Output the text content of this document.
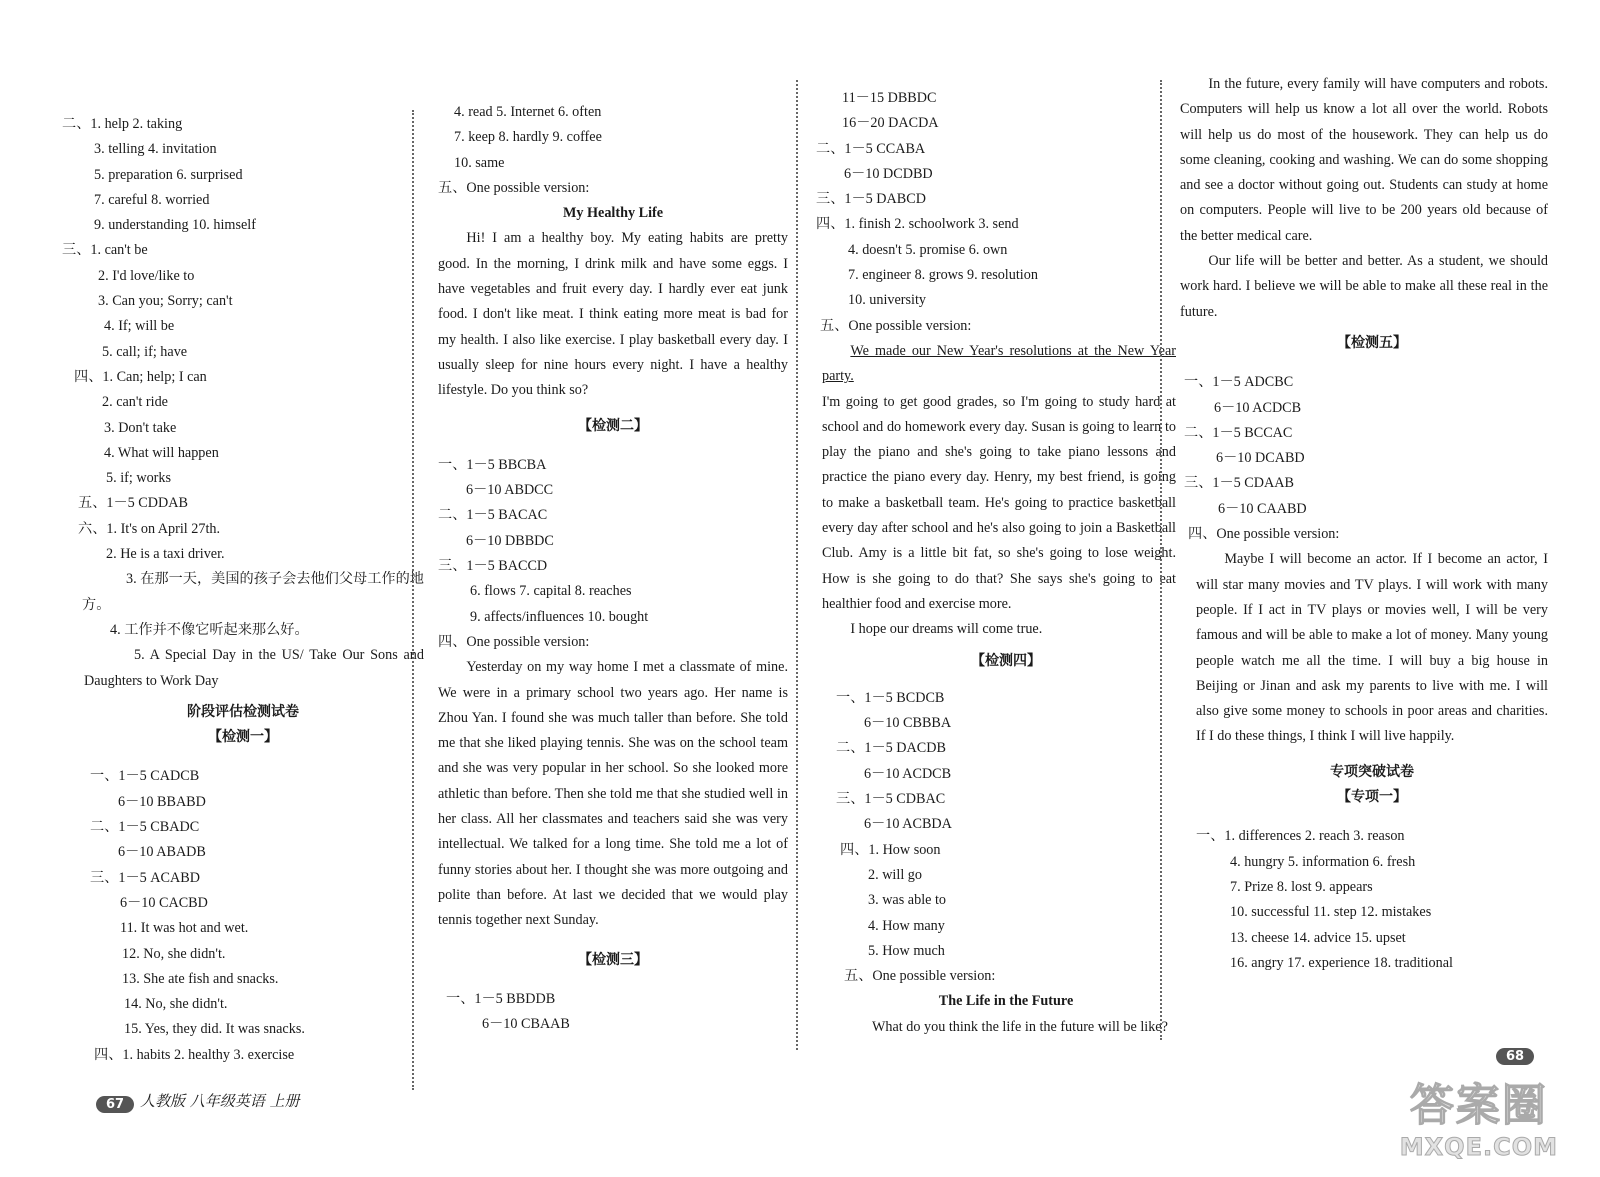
二、1. help 2. taking
3. telling 4. invitation
5. preparation 6. surprised
7. careful 8. worried
9. understanding 10. himself
三、1. can't be
2. I'd love/like to
3. Can you; Sorry; can't
4. If; will be
5. call; if; have
四、1. Can; help; I can
2. can't ride
3. Don't take
4. What will happen
5. if; works
五、1－5 CDDAB
六、1. It's on April 27th.
2. He is a taxi driver.
3. 在那一天，美国的孩子会去他们父母工作的地方。
4. 工作并不像它听起来那么好。
5. A Special Day in the US/ Take Our Sons and Daughters to Work Day
阶段评估检测试卷
【检测一】
一、1－5 CADCB
6－10 BBABD
二、1－5 CBADC
6－10 ABADB
三、1－5 ACABD
6－10 CACBD
11. It was hot and wet.
12. No, she didn't.
13. She ate fish and snacks.
14. No, she didn't.
15. Yes, they did. It was snacks.
四、1. habits 2. healthy 3. exercise
4. read 5. Internet 6. often
7. keep 8. hardly 9. coffee
10. same
五、One possible version:
My Healthy Life
Hi! I am a healthy boy. My eating habits are pretty good. In the morning, I drink milk and have some eggs. I have vegetables and fruit every day. I hardly ever eat junk food. I don't like meat. I think eating more meat is bad for my health. I also like exercise. I play basketball every day. I usually sleep for nine hours every night. I have a healthy lifestyle. Do you think so?
【检测二】
一、1－5 BBCBA
6－10 ABDCC
二、1－5 BACAC
6－10 DBBDC
三、1－5 BACCD
6. flows 7. capital 8. reaches
9. affects/influences 10. bought
四、One possible version:
Yesterday on my way home I met a classmate of mine. We were in a primary school two years ago. Her name is Zhou Yan. I found she was much taller than before. She told me that she liked playing tennis. She was on the school team and she was very popular in her school. So she looked more athletic than before. Then she told me that she studied well in her class. All her classmates and teachers said she was very intellectual. We talked for a long time. She told me a lot of funny stories about her. I thought she was more outgoing and polite than before. At last we decided that we would play tennis together next Sunday.
【检测三】
一、1－5 BBDDB
6－10 CBAAB
11－15 DBBDC
16－20 DACDA
二、1－5 CCABA
6－10 DCDBD
三、1－5 DABCD
四、1. finish 2. schoolwork 3. send
4. doesn't 5. promise 6. own
7. engineer 8. grows 9. resolution
10. university
五、One possible version:
We made our New Year's resolutions at the New Year party.
I'm going to get good grades, so I'm going to study hard at school and do homework every day. Susan is going to learn to play the piano and she's going to take piano lessons and practice the piano every day. Henry, my best friend, is going to make a basketball team. He's going to practice basketball every day after school and he's also going to join a Basketball Club. Amy is a little bit fat, so she's going to lose weight. How is she going to do that? She says she's going to eat healthier food and exercise more.
I hope our dreams will come true.
【检测四】
一、1－5 BCDCB
6－10 CBBBA
二、1－5 DACDB
6－10 ACDCB
三、1－5 CDBAC
6－10 ACBDA
四、1. How soon
2. will go
3. was able to
4. How many
5. How much
五、One possible version:
The Life in the Future
What do you think the life in the future will be like?
In the future, every family will have computers and robots. Computers will help us know a lot all over the world. Robots will help us do most of the housework. They can help us do some cleaning, cooking and washing. We can do some shopping and see a doctor without going out. Students can study at home on computers. People will live to be 200 years old because of the better medical care.
Our life will be better and better. As a student, we should work hard. I believe we will be able to make all these real in the future.
【检测五】
一、1－5 ADCBC
6－10 ACDCB
二、1－5 BCCAC
6－10 DCABD
三、1－5 CDAAB
6－10 CAABD
四、One possible version:
Maybe I will become an actor. If I become an actor, I will star many movies and TV plays. I will work with many people. If I act in TV plays or movies well, I will be very famous and will be able to make a lot of money. Many young people watch me all the time. I will buy a big house in Beijing or Jinan and ask my parents to live with me. I will also give some money to schools in poor areas and charities. If I do these things, I think I will live happily.
专项突破试卷
【专项一】
一、1. differences 2. reach 3. reason
4. hungry 5. information 6. fresh
7. Prize 8. lost 9. appears
10. successful 11. step 12. mistakes
13. cheese 14. advice 15. upset
16. angry 17. experience 18. traditional
67	人教版 八年级英语 上册
68
答案圈
MXQE.COM
